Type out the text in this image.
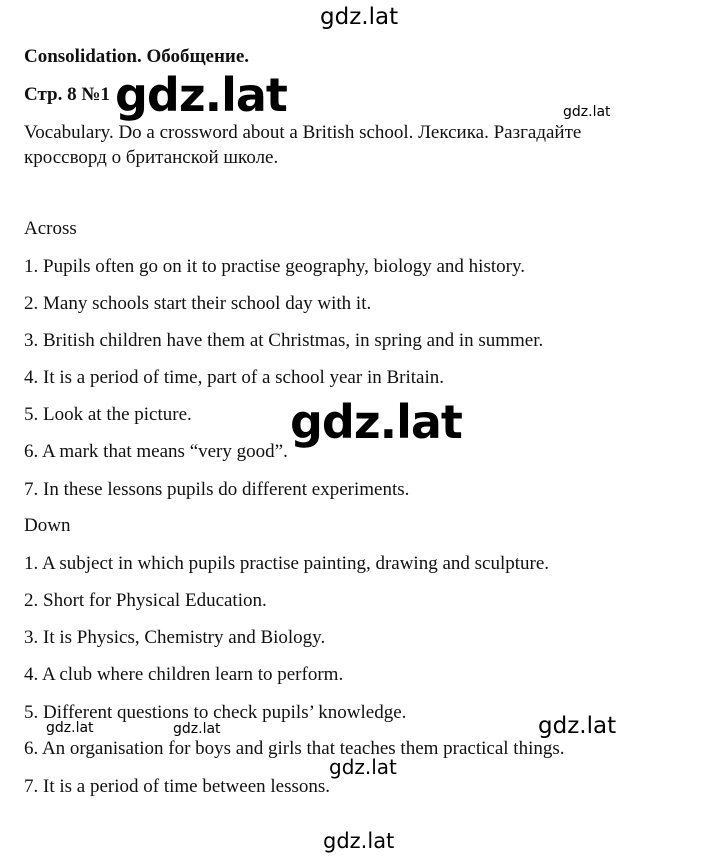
gdz.lat
Consolidation. Обобщение.
Стр. 8 №1
Vocabulary. Do a crossword about a British school. Лексика. Разгадайте кроссворд о британской школе.
gdz.lat	gdz.lat
Across
1. Pupils often go on it to practise geography, biology and history.
2. Many schools start their school day with it.
3. British children have them at Christmas, in spring and in summer.
4. It is a period of time, part of a school year in Britain.
5. Look at the picture.
6. A mark that means “very good”.
7. In these lessons pupils do different experiments.
gdz.lat
Down
1. A subject in which pupils practise painting, drawing and sculpture.
2. Short for Physical Education.
3. It is Physics, Chemistry and Biology.
4. A club where children learn to perform.
5. Different questions to check pupils’ knowledge.
6. An organisation for boys and girls that teaches them practical things.
7. It is a period of time between lessons.
gdz.lat	gdz.lat	gdz.lat
gdz.lat
gdz.lat
